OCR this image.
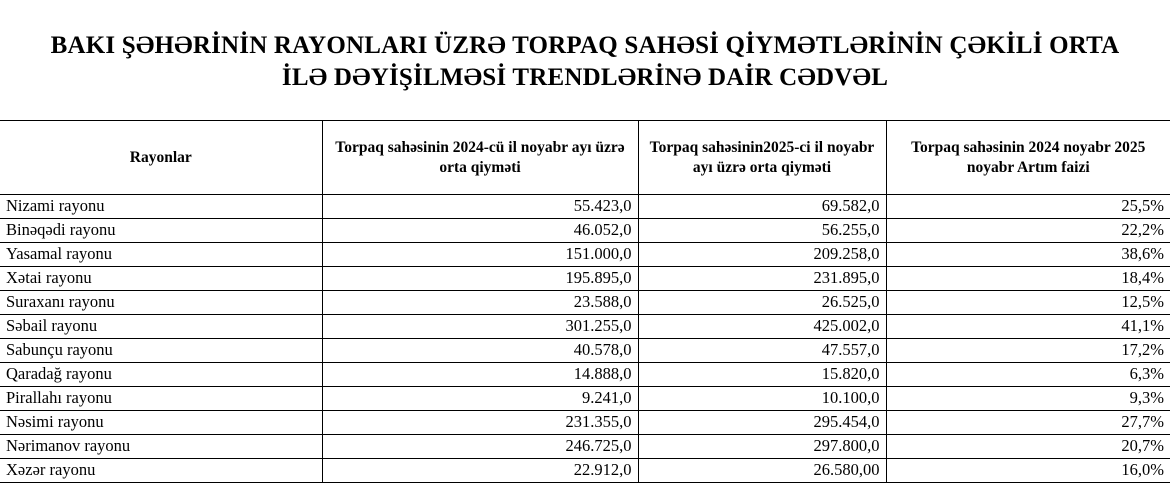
BAKI ŞƏHƏRİNİN RAYONLARI ÜZRƏ TORPAQ SAHƏSİ QİYMƏTLƏRİNİN ÇƏKİLİ ORTA
İLƏ DƏYİŞİLMƏSİ TRENDLƏRİNƏ DAİR CƏDVƏL
Rayonlar	Torpaq sahəsinin 2024-cü il noyabr ayı üzrə orta qiyməti	Torpaq sahəsinin2025-ci il noyabr ayı üzrə orta qiyməti	Torpaq sahəsinin 2024 noyabr 2025 noyabr Artım faizi
Nizami rayonu	55.423,0	69.582,0	25,5%
Binəqədi rayonu	46.052,0	56.255,0	22,2%
Yasamal rayonu	151.000,0	209.258,0	38,6%
Xətai rayonu	195.895,0	231.895,0	18,4%
Suraxanı rayonu	23.588,0	26.525,0	12,5%
Səbail rayonu	301.255,0	425.002,0	41,1%
Sabunçu rayonu	40.578,0	47.557,0	17,2%
Qaradağ rayonu	14.888,0	15.820,0	6,3%
Pirallahı rayonu	9.241,0	10.100,0	9,3%
Nəsimi rayonu	231.355,0	295.454,0	27,7%
Nərimanov rayonu	246.725,0	297.800,0	20,7%
Xəzər rayonu	22.912,0	26.580,00	16,0%
